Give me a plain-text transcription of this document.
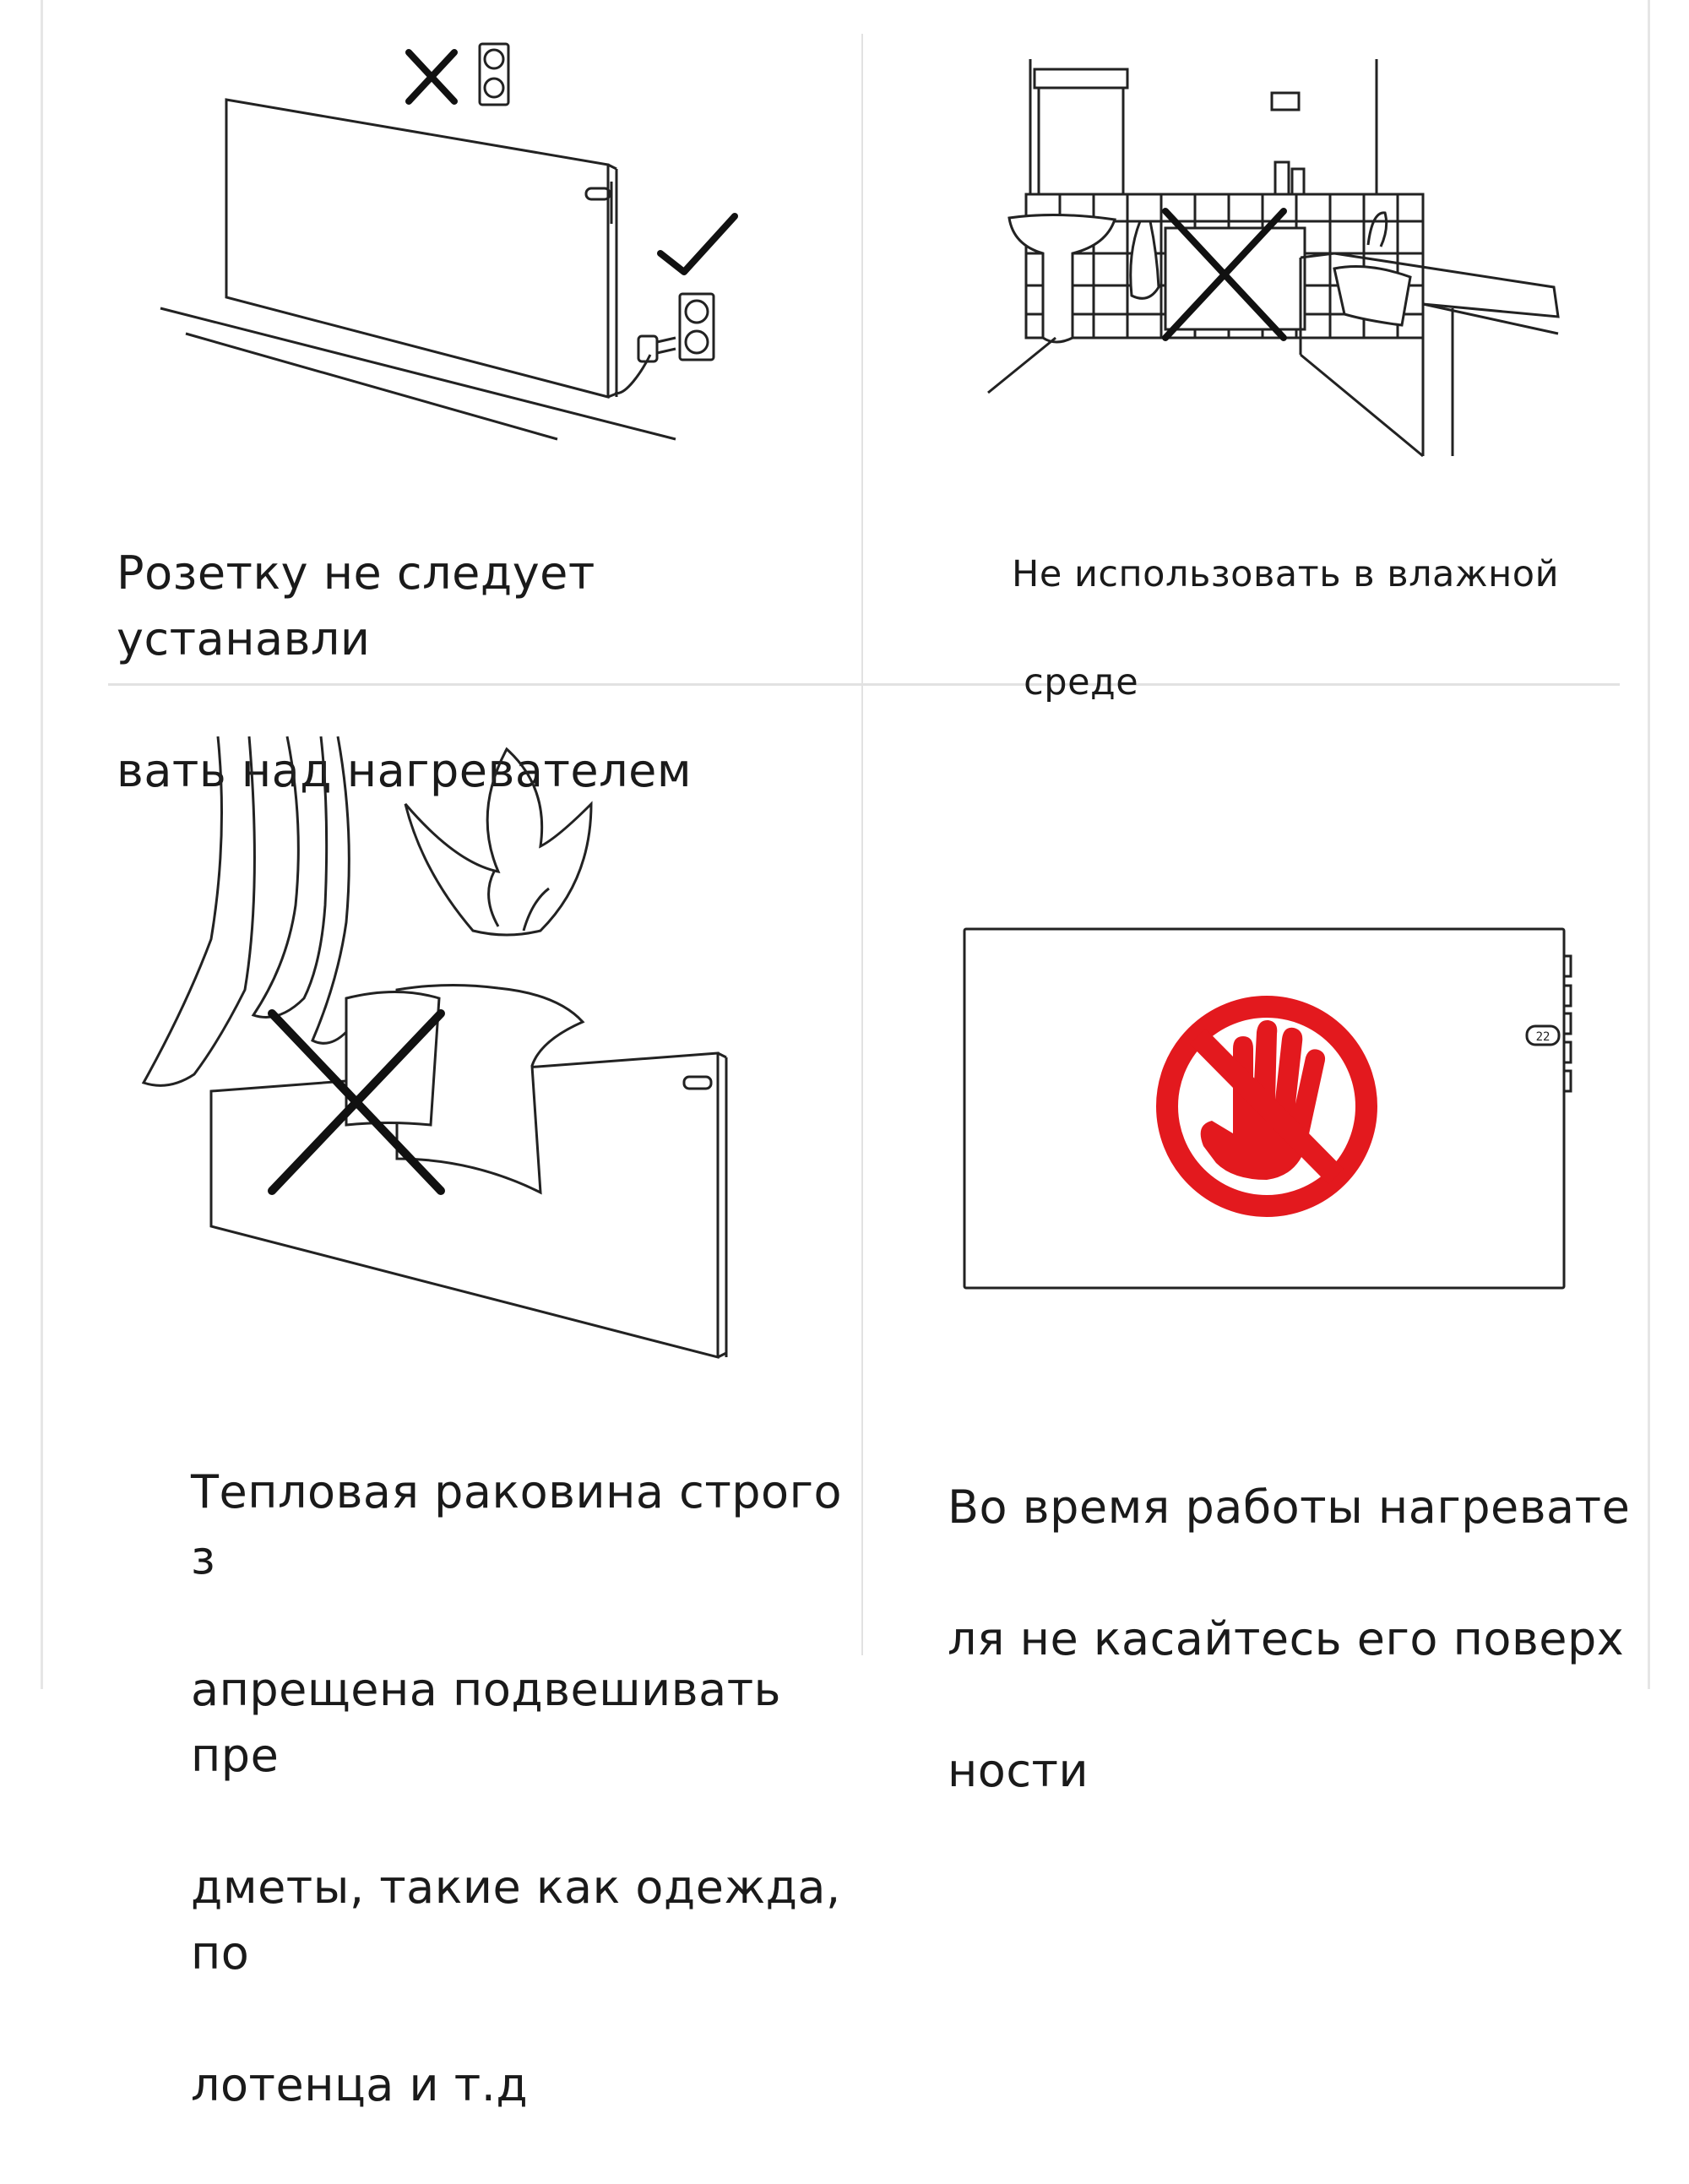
Розетку не следует устанавли

вать над нагревателем

Не использовать в влажной

среде

Тепловая раковина строго з

апрещена подвешивать пре

дметы, такие как одежда, по

лотенца и т.д

22

Во время работы нагревате

ля не касайтесь его поверх

ности
